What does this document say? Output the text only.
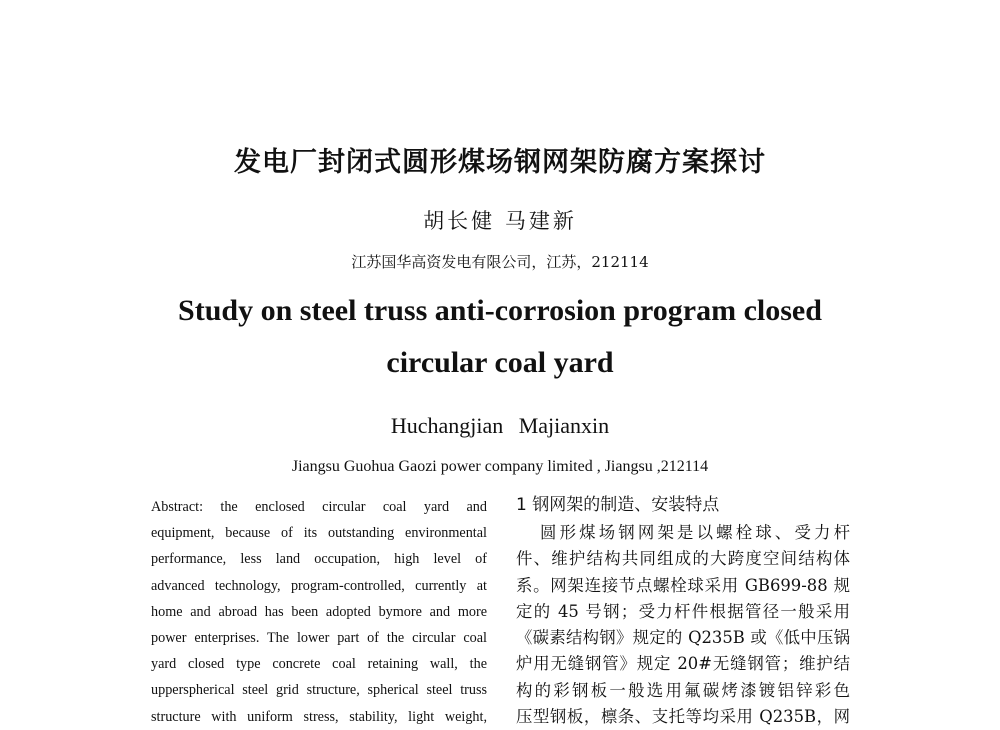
发电厂封闭式圆形煤场钢网架防腐方案探讨
胡长健 马建新
江苏国华高资发电有限公司，江苏，212114
Study on steel truss anti-corrosion program closed
circular coal yard
Huchangjian Majianxin
Jiangsu Guohua Gaozi power company limited , Jiangsu ,212114
Abstract: the enclosed circular coal yard and
equipment, because of its outstanding environmental
performance, less land occupation, high level of
advanced technology, program-controlled, currently at
home and abroad has been adopted bymore and more
power enterprises. The lower part of the circular coal
yard closed type concrete coal retaining wall, the
upperspherical steel grid structure, spherical steel truss
structure with uniform stress, stability, light weight,
1 钢网架的制造、安装特点
圆形煤场钢网架是以螺栓球、受力杆
件、维护结构共同组成的大跨度空间结构体
系。网架连接节点螺栓球采用 GB699-88 规
定的 45 号钢；受力杆件根据管径一般采用
《碳素结构钢》规定的 Q235B 或《低中压锅
炉用无缝钢管》规定 20#无缝钢管；维护结
构的彩钢板一般选用氟碳烤漆镀铝锌彩色
压型钢板，檩条、支托等均采用 Q235B，网
